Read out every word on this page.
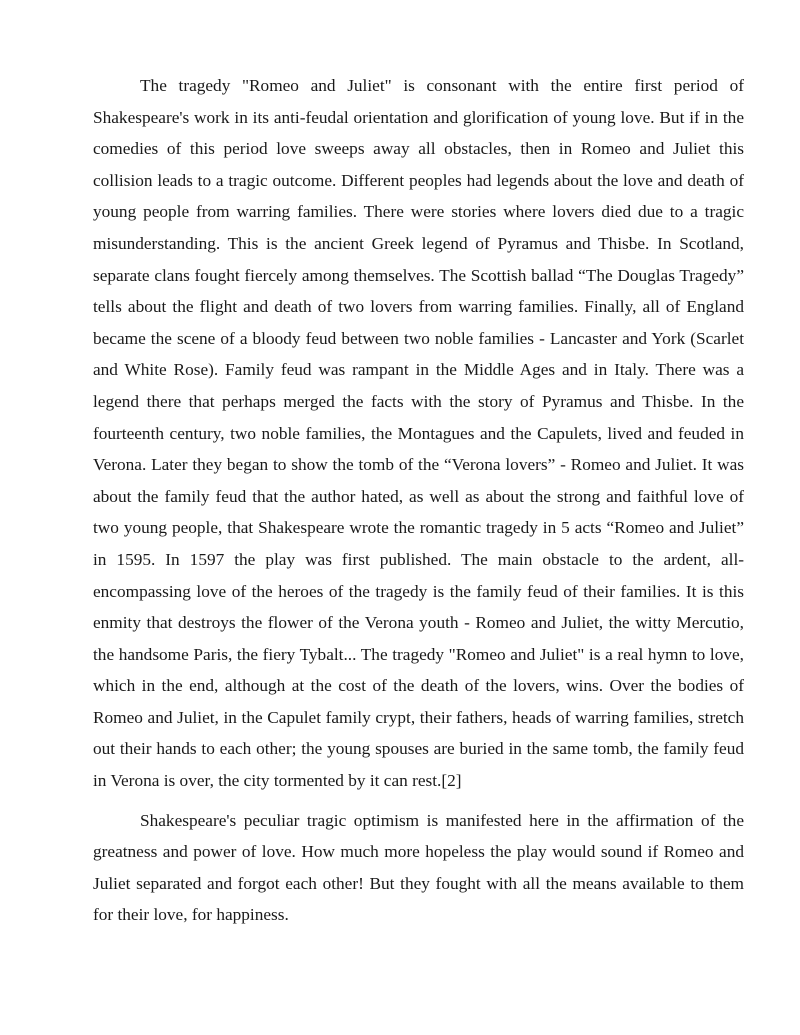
The tragedy "Romeo and Juliet" is consonant with the entire first period of Shakespeare's work in its anti-feudal orientation and glorification of young love. But if in the comedies of this period love sweeps away all obstacles, then in Romeo and Juliet this collision leads to a tragic outcome. Different peoples had legends about the love and death of young people from warring families. There were stories where lovers died due to a tragic misunderstanding. This is the ancient Greek legend of Pyramus and Thisbe. In Scotland, separate clans fought fiercely among themselves. The Scottish ballad “The Douglas Tragedy” tells about the flight and death of two lovers from warring families. Finally, all of England became the scene of a bloody feud between two noble families - Lancaster and York (Scarlet and White Rose). Family feud was rampant in the Middle Ages and in Italy. There was a legend there that perhaps merged the facts with the story of Pyramus and Thisbe. In the fourteenth century, two noble families, the Montagues and the Capulets, lived and feuded in Verona. Later they began to show the tomb of the “Verona lovers” - Romeo and Juliet. It was about the family feud that the author hated, as well as about the strong and faithful love of two young people, that Shakespeare wrote the romantic tragedy in 5 acts “Romeo and Juliet” in 1595. In 1597 the play was first published. The main obstacle to the ardent, all-encompassing love of the heroes of the tragedy is the family feud of their families. It is this enmity that destroys the flower of the Verona youth - Romeo and Juliet, the witty Mercutio, the handsome Paris, the fiery Tybalt... The tragedy "Romeo and Juliet" is a real hymn to love, which in the end, although at the cost of the death of the lovers, wins. Over the bodies of Romeo and Juliet, in the Capulet family crypt, their fathers, heads of warring families, stretch out their hands to each other; the young spouses are buried in the same tomb, the family feud in Verona is over, the city tormented by it can rest.[2]

Shakespeare's peculiar tragic optimism is manifested here in the affirmation of the greatness and power of love. How much more hopeless the play would sound if Romeo and Juliet separated and forgot each other! But they fought with all the means available to them for their love, for happiness.
